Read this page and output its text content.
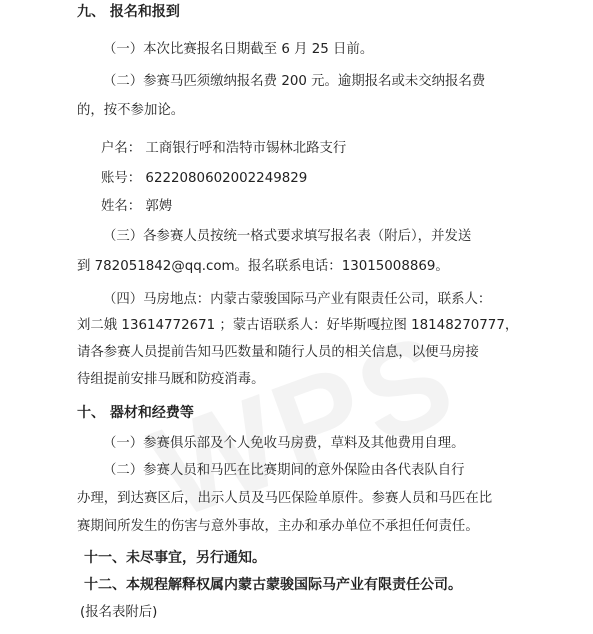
九、 报名和报到
（一）本次比赛报名日期截至 6 月 25 日前。
（二）参赛马匹须缴纳报名费 200 元。逾期报名或未交纳报名费
的，按不参加论。
户名： 工商银行呼和浩特市锡林北路支行
账号： 6222080602002249829
姓名： 郭娉
（三）各参赛人员按统一格式要求填写报名表（附后），并发送
到 782051842@qq.com。报名联系电话：13015008869。
（四）马房地点：内蒙古蒙骏国际马产业有限责任公司，联系人：
刘二娥 13614772671 ；蒙古语联系人：好毕斯嘎拉图 18148270777，
请各参赛人员提前告知马匹数量和随行人员的相关信息，以便马房接
待组提前安排马厩和防疫消毒。
十、 器材和经费等
（一）参赛俱乐部及个人免收马房费，草料及其他费用自理。
（二）参赛人员和马匹在比赛期间的意外保险由各代表队自行
办理，到达赛区后，出示人员及马匹保险单原件。参赛人员和马匹在比
赛期间所发生的伤害与意外事故，主办和承办单位不承担任何责任。
十一、未尽事宜，另行通知。
十二、本规程解释权属内蒙古蒙骏国际马产业有限责任公司。
(报名表附后)
